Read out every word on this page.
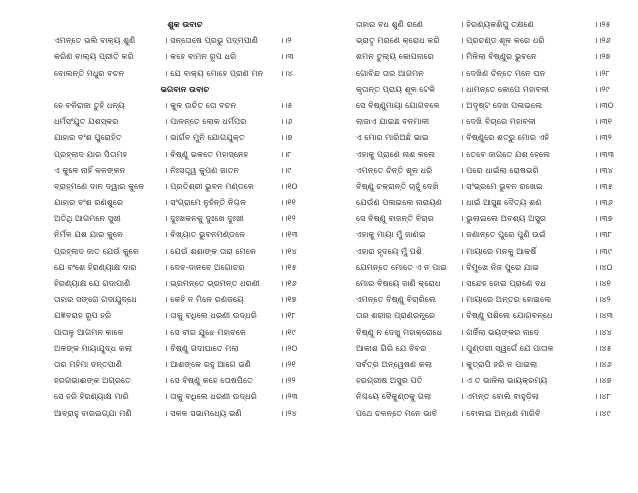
ଶୁକ ଉବାଚ
ଏମନ୍ତେ ଭଲି ବାକ୍ୟ ଶୁଣି	। ସନ୍ତୋଷେ ପ୍ରଭୁ ପଦ୍ମପାଣି	।।୨
କରିଣ ବାଲ୍ୟ ପ୍ରୀତି କରି	। କହେ ବାମନ ରୂପ ଧରି	।।୩
ବୋଲନ୍ତି ମଧୁର ବଚନ	। ଯେ ବାକ୍ୟ ମୋହେ ପ୍ରାଣ ମନ ।।୪
ଭଗବାନ ଉବାଚ
ହେ ବଳିରାଜା ତୁହି ଧନ୍ୟ	। କୁଳ ଉଚିତ ତୋ ବଚନ	।।୫
ଧର୍ମସଂଯୁତ ଯଶସ୍କର	। ପାଳନ୍ତେ ଲୋକ ଧର୍ମପର	।।୬
ଯାହାର ବଂଶ ପୁରୋହିତ	। ଭାର୍ଗବ ମୁନି ଯୋଗଯୁକ୍ତ	।।୭
ପ୍ରହ୍ଲାଦ ଯାର ପିତାମହ	। ବିଷ୍ଣୁ ଭକତେ ମହାସ୍ନେହ	।।୮
ଏ କୁଳେ ନାହିଁ କଳଙ୍କନ	। ନିଃସତ୍ତ୍ୱ କୁପଣ ଜାତନ	।।୯
ବ୍ରାହ୍ମଣେ ଦାନ ଦ୍ୱାର କୁଳେ । ପ୍ରତିଶ୍ରୀ ଭୁବନ ମଣ୍ଡଳେ	।।୧୦
ଯାହାର ବଂଶ ରଣଶୁରେ	। ସଂଗ୍ରାମେ ନୁହଁନ୍ତି ନିଶ୍ଚଳ	।।୧୧
ଅତିଥି ଆଗମନେ ସୁଖୀ	। ଦୁଃଖକନକୁ ଦୁଃଖେ ଦୁଃଖୀ	।।୧୨
ନିର୍ମଳ ଯଶ ଯାର କୁଳେ	। ବିଖ୍ୟାତ ଭୁବନମଣ୍ଡଳେ	।।୧୩
ପ୍ରହ୍ଲାଦ ଜାତ ଯେଉଁ କୁଳେ	। ଯେଉଁ ଶଶାଙ୍କ ତାରା ମେଳେ	।।୧୪
ଯେ ବଂଶେ ହିରଣ୍ୟାକ୍ଷ ଦାର	। ଦେବ-ଦାନବେ ଅଗୋଚର	।।୧୫
ହିରଣ୍ୟାକ୍ଷ ଯେ ଗଦାପାଣି	। ଭ୍ରମନ୍ତେ ଭ୍ରମନ୍ତ ଧରଣୀ ।।୧୬
ତାହାର ସଙ୍ଗେ ଗଦାଯୁଦ୍ଧେ	। କେହି ନ ମିଳେ ରଣଜୟେ	।।୧୭
ଯଜ୍ଞବରାହ ରୂପ ହରି	। ତାକୁ ବଧିଲେ ଧରଣୀ ଉଦ୍ଧରି	।।୧୮
ପାତାଳୁ ଆଗମନ କାଳେ	। ସେ ବୀର ଯୁଝେ ମହାବଳେ	।।୧୯
ଅଳଙ୍କ ମାୟାଯୁଦ୍ଧ କଲା	। ବିଷ୍ଣୁ ଗଦାଘାତେ ମଲା	।।୨୦
ତାର ମହିମା ଦନ୍ତପାଣି	। ଆଶଙ୍କେ ରହୁ ଆଗେ ଭଣି	।।୨୧
ହରଗଭାଈଙ୍କ ଅଗ୍ରତେ	। ସେ ବିଷ୍ଣୁ କହେ ତୋଷପିତେ	।।୨୨
ସେ ହରି ହିରଣ୍ୟାକ୍ଷ ମାରି	। ତାକୁ ବଧିଲେ ଧରଣୀ ଉଦ୍ଧରି	।।୨୩
ଆବ୍ରାହୁ ବାରଇଗ୍ଯା ମଣି	। ସକଳ ସଭାମଧ୍ୟେ ଭଣି	।।୨୪
ତାହାର ବଧ ଶୁଣି ରଣେ	। ହିରଣ୍ୟକଶିପୁ ତକ୍ଷଣେ	।।୨୫
ଭ୍ରାତୃ ମରଣେ କ୍ରୋଧ କରି । ପ୍ରଚଣ୍ଡ ଶୂଳ କରେ ଧରି	।।୨୬
ଶମନ ତୁଲ୍ୟ କୋପନାରେ	। ମିଳିଲା ବିଷ୍ଣୁର ଭୁବନେ	।।୨୭
ଗୋବିନ୍ଦ ତାର ଆଗମନ	। ଦେଖିଣ ଚିନ୍ତେ ମନେ ଘନ	।।୨୮
କୃତାନ୍ତ ପ୍ରାୟ ଶୂଳ ଟେକି	। ଧାମନ୍ତେ କୋପେ ମହାବଳୀ	।।୨୯
ସେ ବିଷ୍ଣୁମାୟା ଯୋଗବଳେ । ଅଦୃଷ୍ଟ ଦେଖ ପଳାଇଲେ	।।୩୦
ଲାଜାଏ ଯାଇଛ ବନମାଳୀ	। ଦେଖି ବିଚାରେ ମହାବଳୀ	।।୩୧
ଏ ମୋର ମାରିଅଛି ଭାଇ	। ବିଷ୍ଣୁରେ ଶତ୍ରୁ ମୋର ଏହି	।।୩୨
ଏହାକୁ ପ୍ରାଣେ ନାଶ କଲେ	। ତେବେ ଜାଗତେ ଯଶ ହେଲେ	।।୩୩
ଏମନ୍ତେ ଚିନ୍ତି ଶୂଳ ଧରି	। ପରେ ଧାଇଁଲା ରୋଷଭରି	।।୩୪
ବିଷ୍ଣୁ ଚକ୍ରାନ୍ତି ଚାହୁଁ ଦେଖି	। ସଂଭ୍ରମେ ଭୁବନ ରଖେଇ	।।୩୫
ଯେଉଁଣ ପଳାଇଲେ ନାରାୟଣ । ଧାଇଁ ଆସୁଛ ଦୈତ୍ୟ ଶଣ	।।୩୬
ସେ ବିଷ୍ଣୁ ବାଜନ୍ତି ବିଚାର	। ଭୁଲାଇଲେ ଅବଶ୍ୟ ଅସୁର	।।୩୭
ଏହାକୁ ମାୟା ମୁଁ ଜାଣଇ	। ଜଣାନ୍ତେ ପୁରେ ପୁଣି ଉଇଁ	।।୩୮
ଏହାର ହୃଦୟେ ମୁଁ ପଶି	। ମାୟାରେ ମନକୁ ଆକର୍ଷି	।।୩୯
ଯେମନ୍ତେ ମୋତେ ଏ ନ ପାଇ । ବିମୁଖେ ନିଜ ପୁରେ ଯାଇ	।।୪୦
ମୋର ବିଷୟେ ଜାଣି କ୍ରୋଧ । ସନ୍ଦେହ ହୋଇ ପ୍ରାଣେ ବଧ	।।୪୧
ଏମନ୍ତେ ବିଷ୍ଣୁ ବିଚାରିଲେ	। ମାୟାରେ ଅନ୍ତର ହୋଇଲେ	।।୪୨
ତାର ଶରୀର ପ୍ରାଣରନ୍ଧ୍ରେ	। ବିଷ୍ଣୁ ପଶିଲେ ଯୋଗବନ୍ଧେ	।।୪୩
ବିଷ୍ଣୁ ନ ଦେଖୁ ମହାକ୍ରୋଧେ । ଗର୍ଜିଲା ଭୟଙ୍କର ନାଦେ	।।୪୪
ଆକାଶ ଗିରି ଯେ ବିବର	। ପୁଣ୍ଡରୀ ସ୍ୱର୍ଗେ ଯେ ପାତାଳ	।।୪୫
ସର୍ବତ୍ର ଅନ୍ୱେଷଣ କଲା	। କୁତ୍ରାପି ହରି ନ ପାଇଲା	।।୪୬
ହରଗ୍ରୀଷ ଅସୁର ପତି	। ଏ ତ ଭାଳିଲା ଭାୟକ୍ରମ୍ୟ	।।୪୭
ନିଶ୍ଚୟେ ବୈକୁଣ୍ଠକୁ ଗଲା	। ଏମନ୍ତ ବୋଲି ବାହୁଡ଼ିଲା	।।୪୮
ପଥେ ଚଳନ୍ତେ ମନେ ଭାବି	। ବୋଲଇ ଅନ୍ଧଣ ମାରିବି	।।୪୯
